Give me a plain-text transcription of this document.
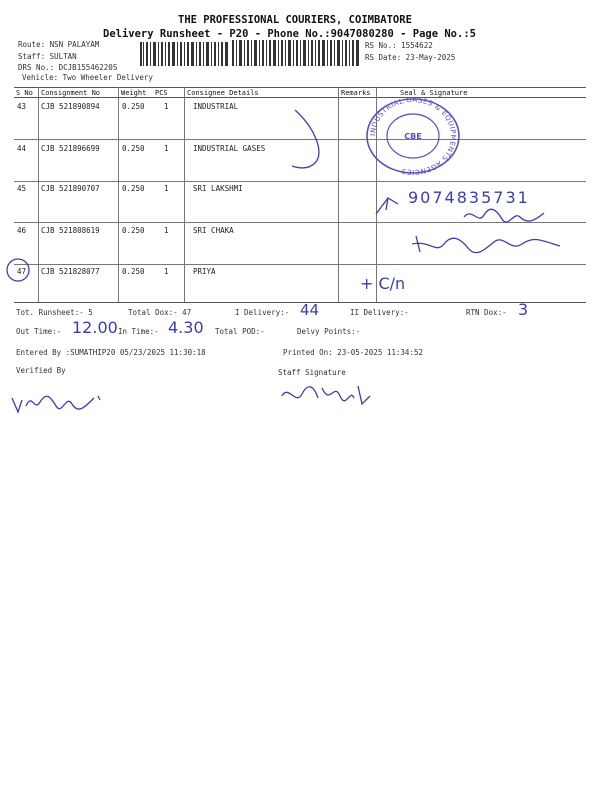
THE PROFESSIONAL COURIERS, COIMBATORE
Delivery Runsheet - P20 - Phone No.:9047080280 - Page No.:5
Route: NSN PALAYAM
Staff: SULTAN
DRS No.: DCJB15546220S
Vehicle: Two Wheeler Delivery
RS No.: 1554622
RS Date: 23-May-2025
S No Consignment No	Weight PCS	Consignee Details	Remarks	Seal & Signature
43 CJB 521890894	0.250	1	INDUSTRIAL
44 CJB 521896699	0.250	1	INDUSTRIAL GASES
45 CJB 521890707	0.250	1	SRI LAKSHMI
46 CJB 521808619	0.250	1	SRI CHAKA
47 CJB 521828077	0.250	1	PRIYA
INDUSTRIAL GASES & EQUIPMENTS AGENCIES
CBE
9074835731
+ C/n
Tot. Runsheet:- 5	Total Dox:- 47	I Delivery:- 44	II Delivery:-	RTN Dox:- 3
Out Time:- 12.00 In Time:- 4.30 Total POD:-	Delvy Points:-
Entered By :SUMATHIP20 05/23/2025 11:30:18	Printed On: 23-05-2025 11:34:52
Verified By	Staff Signature
